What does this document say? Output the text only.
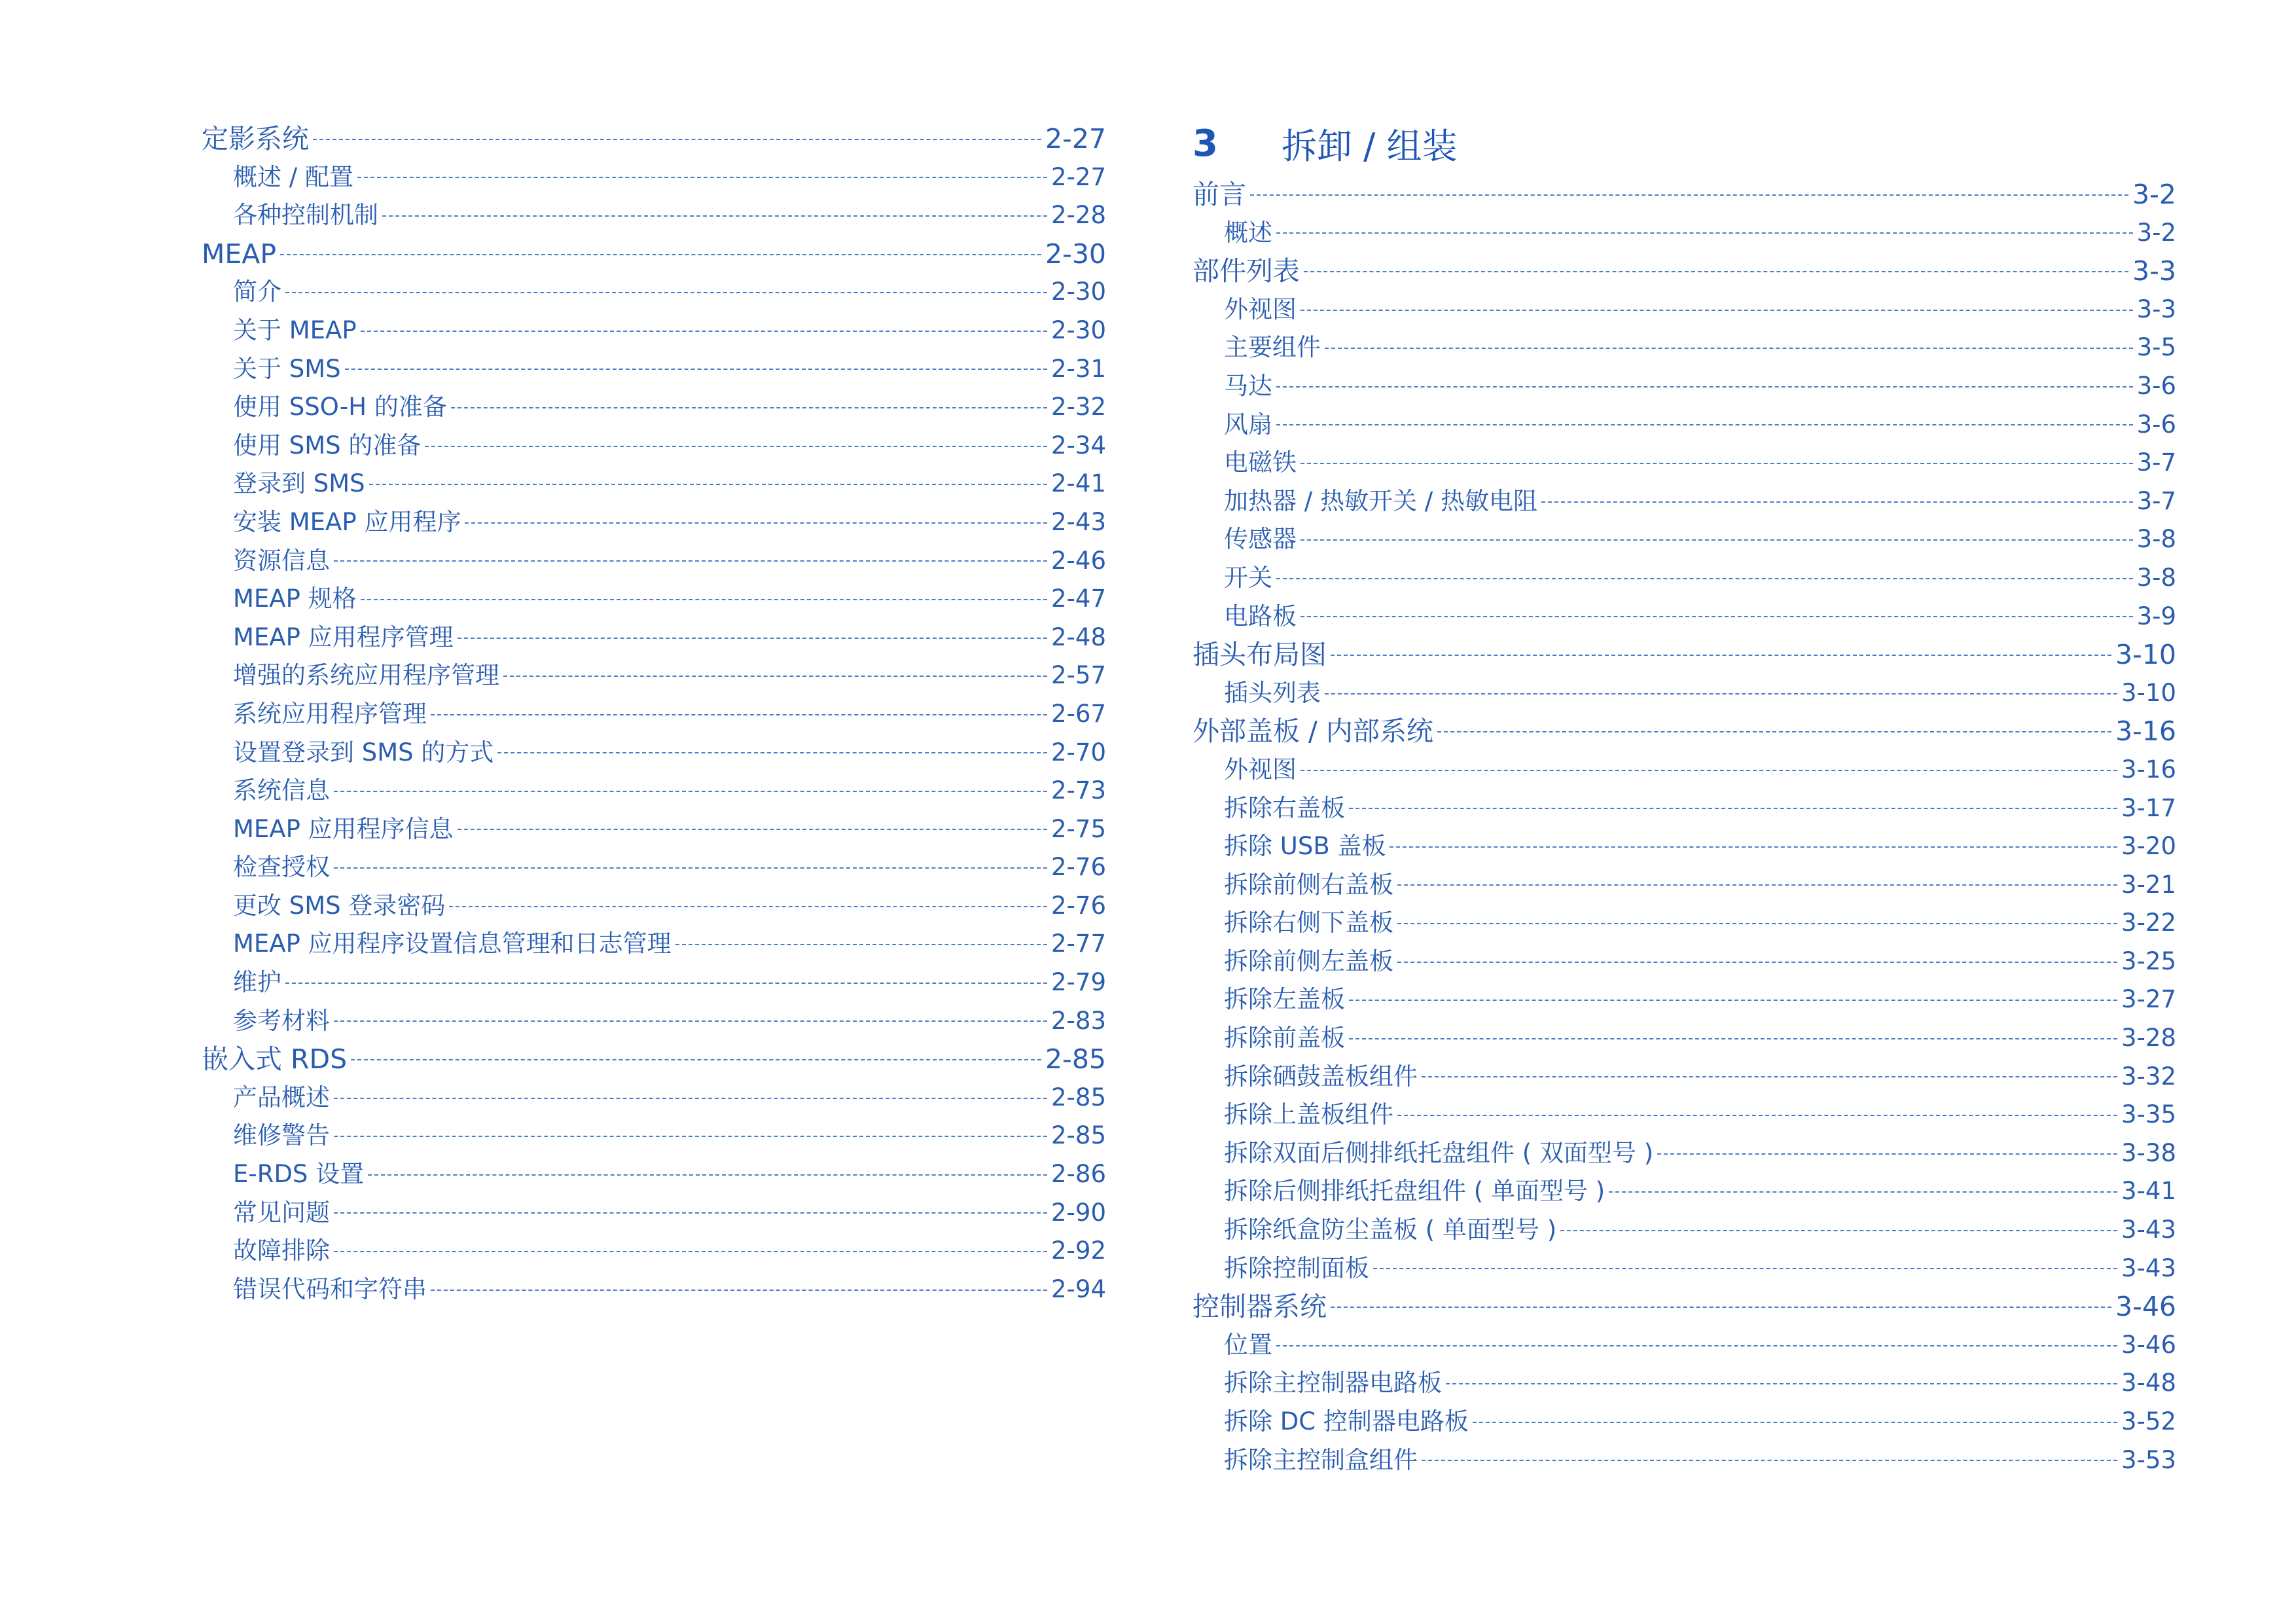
定影系统	2-27
概述 / 配置	2-27
各种控制机制	2-28
MEAP	2-30
简介	2-30
关于 MEAP	2-30
关于 SMS	2-31
使用 SSO-H 的准备	2-32
使用 SMS 的准备	2-34
登录到 SMS	2-41
安装 MEAP 应用程序	2-43
资源信息	2-46
MEAP 规格	2-47
MEAP 应用程序管理	2-48
增强的系统应用程序管理	2-57
系统应用程序管理	2-67
设置登录到 SMS 的方式	2-70
系统信息	2-73
MEAP 应用程序信息	2-75
检查授权	2-76
更改 SMS 登录密码	2-76
MEAP 应用程序设置信息管理和日志管理	2-77
维护	2-79
参考材料	2-83
嵌入式 RDS	2-85
产品概述	2-85
维修警告	2-85
E-RDS 设置	2-86
常见问题	2-90
故障排除	2-92
错误代码和字符串	2-94
3	拆卸 / 组装
前言	3-2
概述	3-2
部件列表	3-3
外视图	3-3
主要组件	3-5
马达	3-6
风扇	3-6
电磁铁	3-7
加热器 / 热敏开关 / 热敏电阻	3-7
传感器	3-8
开关	3-8
电路板	3-9
插头布局图	3-10
插头列表	3-10
外部盖板 / 内部系统	3-16
外视图	3-16
拆除右盖板	3-17
拆除 USB 盖板	3-20
拆除前侧右盖板	3-21
拆除右侧下盖板	3-22
拆除前侧左盖板	3-25
拆除左盖板	3-27
拆除前盖板	3-28
拆除硒鼓盖板组件	3-32
拆除上盖板组件	3-35
拆除双面后侧排纸托盘组件 ( 双面型号 )	3-38
拆除后侧排纸托盘组件 ( 单面型号 )	3-41
拆除纸盒防尘盖板 ( 单面型号 )	3-43
拆除控制面板	3-43
控制器系统	3-46
位置	3-46
拆除主控制器电路板	3-48
拆除 DC 控制器电路板	3-52
拆除主控制盒组件	3-53
